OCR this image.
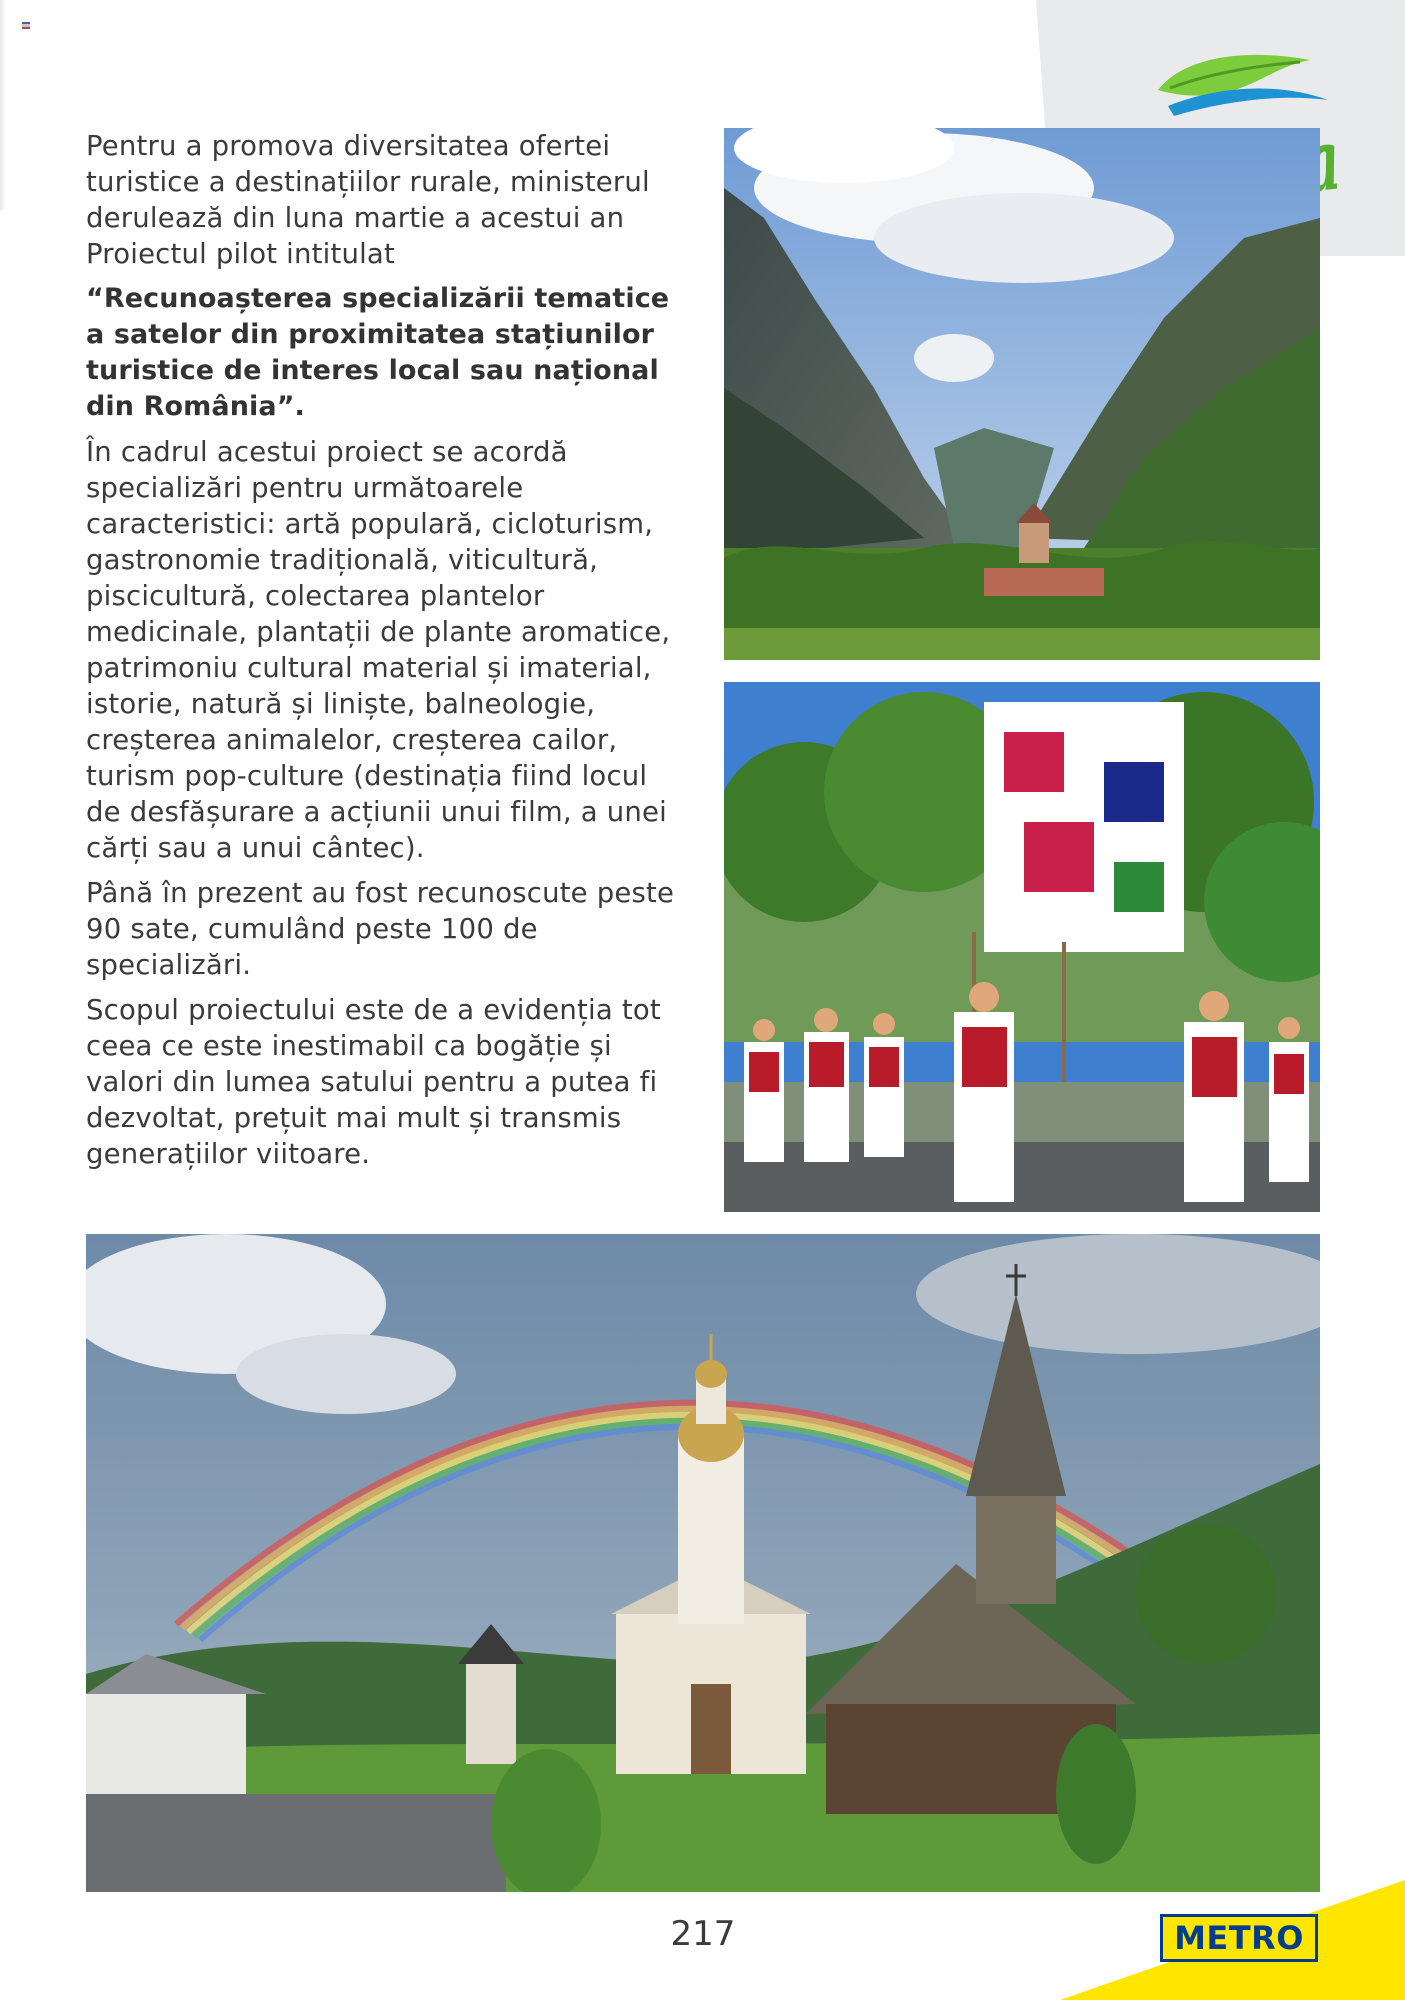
Pentru a promova diversitatea ofertei turistice a destinațiilor rurale, ministerul derulează din luna martie a acestui an Proiectul pilot intitulat

“Recunoașterea specializării tematice a satelor din proximitatea stațiunilor turistice de interes local sau național din România”.

În cadrul acestui proiect se acordă specializări pentru următoarele caracteristici: artă populară, cicloturism, gastronomie tradițională, viticultură, piscicultură, colectarea plantelor medicinale, plantații de plante aromatice, patrimoniu cultural material și imaterial, istorie, natură și liniște, balneologie, creșterea animalelor, creșterea cailor, turism pop-culture (destinația fiind locul de desfășurare a acțiunii unui film, a unei cărți sau a unui cântec).

Până în prezent au fost recunoscute peste 90 sate, cumulând peste 100 de specializări.

Scopul proiectului este de a evidenția tot ceea ce este inestimabil ca bogăție și valori din lumea satului pentru a putea fi dezvoltat, prețuit mai mult și transmis generațiilor viitoare.

217	METRO
